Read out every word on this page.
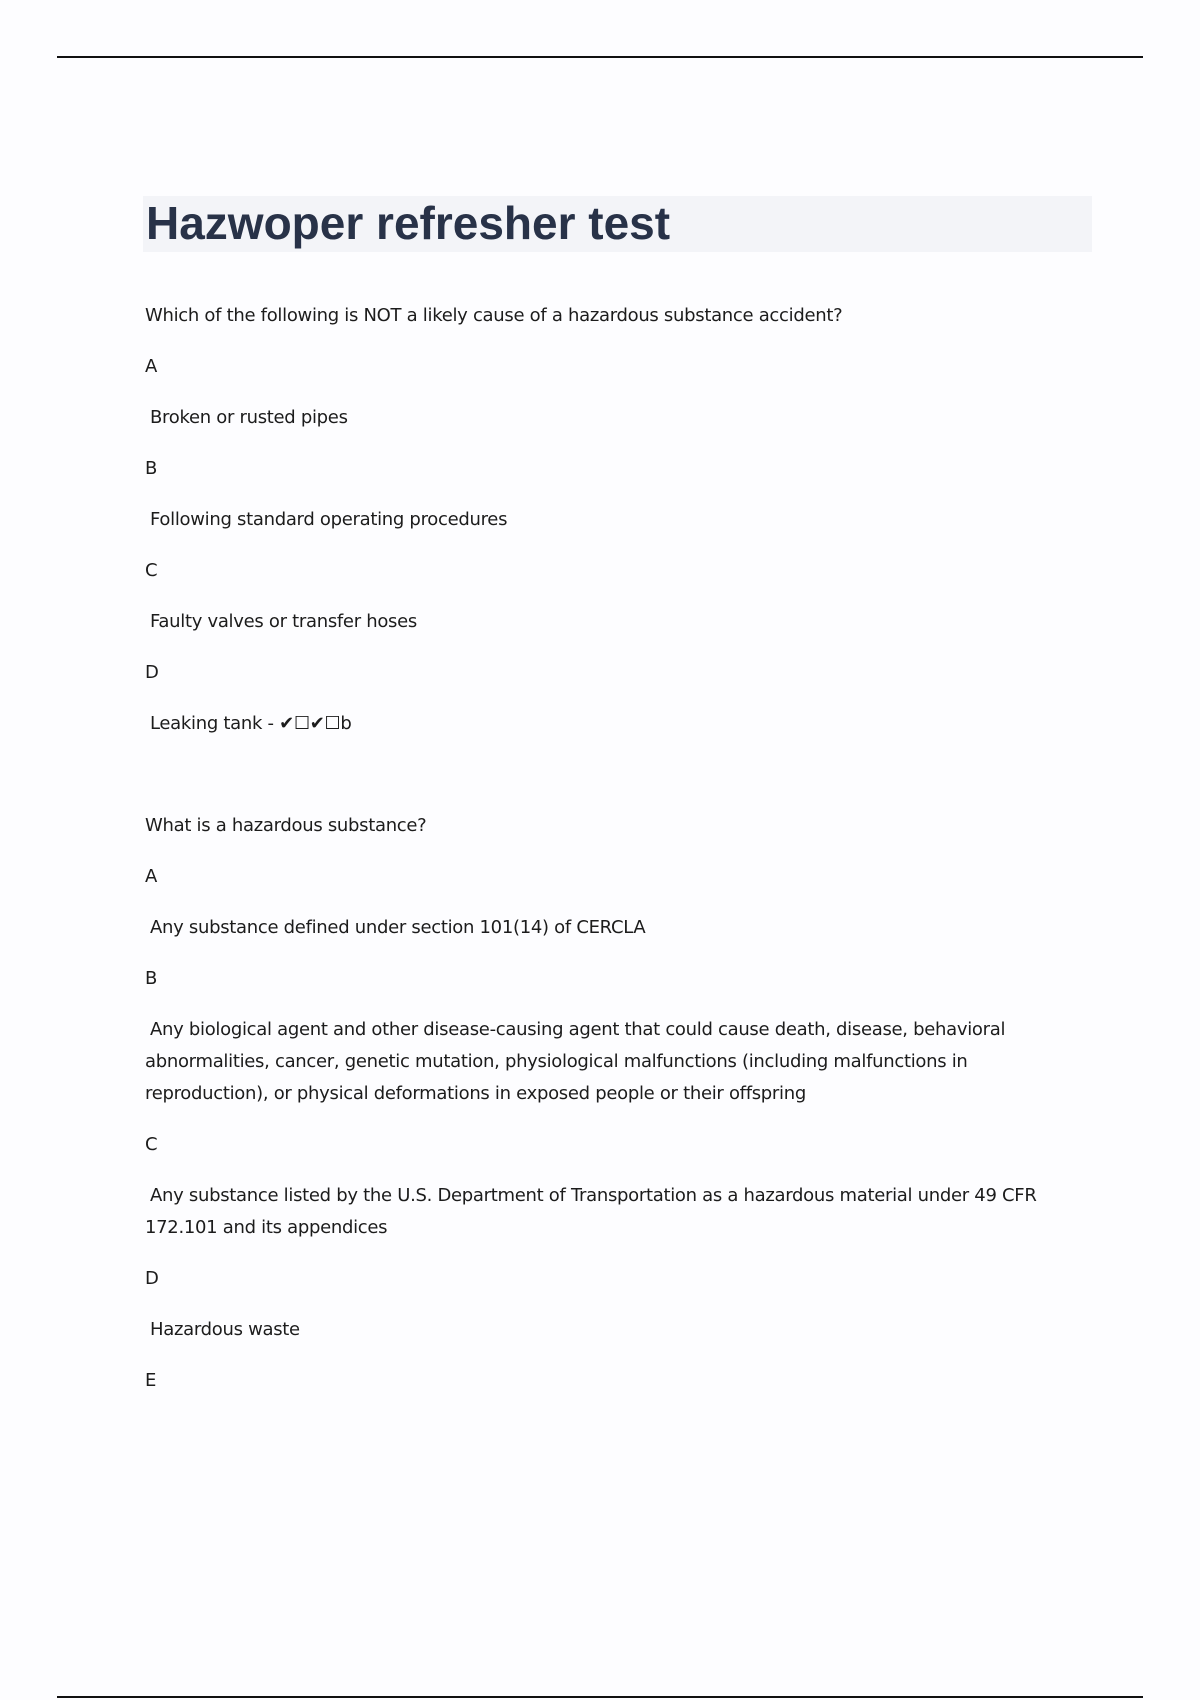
Hazwoper refresher test

Which of the following is NOT a likely cause of a hazardous substance accident?

A

Broken or rusted pipes

B

Following standard operating procedures

C

Faulty valves or transfer hoses

D

Leaking tank - ✔☐✔☐b

What is a hazardous substance?

A

Any substance defined under section 101(14) of CERCLA

B

Any biological agent and other disease-causing agent that could cause death, disease, behavioral abnormalities, cancer, genetic mutation, physiological malfunctions (including malfunctions in reproduction), or physical deformations in exposed people or their offspring

C

Any substance listed by the U.S. Department of Transportation as a hazardous material under 49 CFR 172.101 and its appendices

D

Hazardous waste

E
